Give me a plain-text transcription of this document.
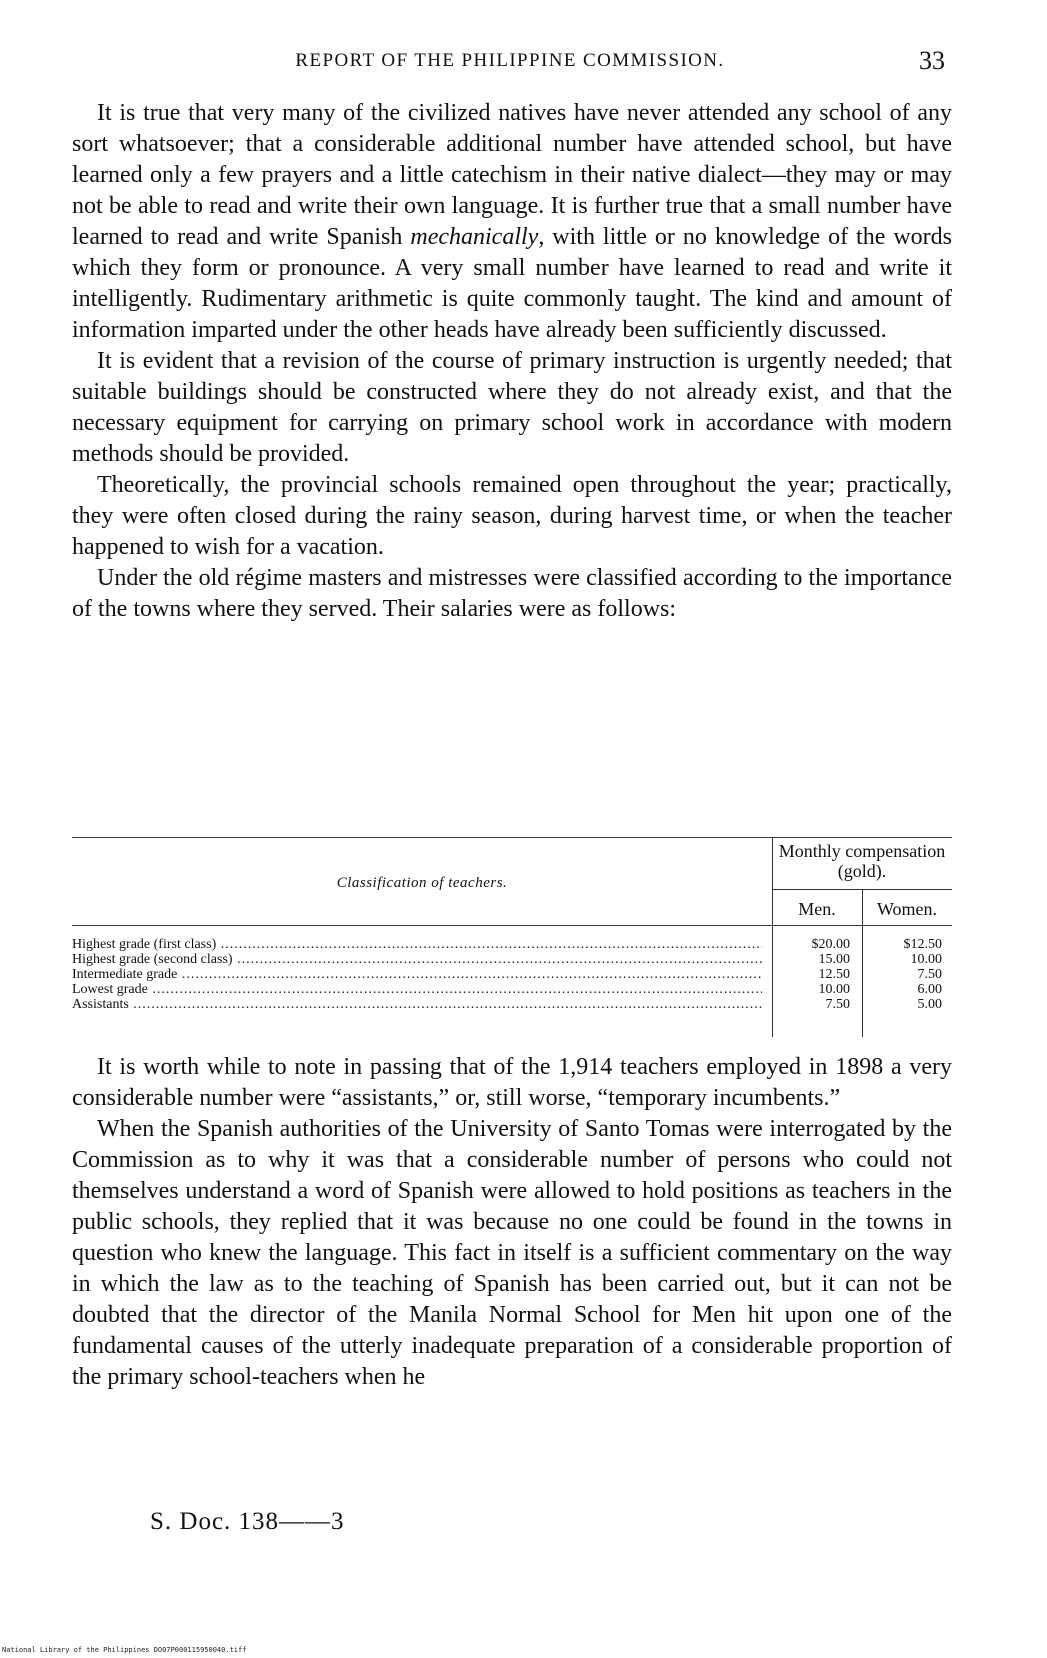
REPORT OF THE PHILIPPINE COMMISSION.	33

It is true that very many of the civilized natives have never attended any school of any sort whatsoever; that a considerable additional number have attended school, but have learned only a few prayers and a little catechism in their native dialect—they may or may not be able to read and write their own language. It is further true that a small number have learned to read and write Spanish mechanically, with little or no knowledge of the words which they form or pronounce. A very small number have learned to read and write it intelligently. Rudimentary arithmetic is quite commonly taught. The kind and amount of information imparted under the other heads have already been sufficiently discussed.

It is evident that a revision of the course of primary instruction is urgently needed; that suitable buildings should be constructed where they do not already exist, and that the necessary equipment for carrying on primary school work in accordance with modern methods should be provided.

Theoretically, the provincial schools remained open throughout the year; practically, they were often closed during the rainy season, during harvest time, or when the teacher happened to wish for a vacation.

Under the old régime masters and mistresses were classified according to the importance of the towns where they served. Their salaries were as follows:

Classification of teachers.
Monthly compensation (gold).
Men.	Women.
Highest grade (first class) .....	$20.00	$12.50
Highest grade (second class) .....	15.00	10.00
Intermediate grade .....	12.50	7.50
Lowest grade .....	10.00	6.00
Assistants .....	7.50	5.00

It is worth while to note in passing that of the 1,914 teachers employed in 1898 a very considerable number were “assistants,” or, still worse, “temporary incumbents.”

When the Spanish authorities of the University of Santo Tomas were interrogated by the Commission as to why it was that a considerable number of persons who could not themselves understand a word of Spanish were allowed to hold positions as teachers in the public schools, they replied that it was because no one could be found in the towns in question who knew the language. This fact in itself is a sufficient commentary on the way in which the law as to the teaching of Spanish has been carried out, but it can not be doubted that the director of the Manila Normal School for Men hit upon one of the fundamental causes of the utterly inadequate preparation of a considerable proportion of the primary school-teachers when he

S. Doc. 138——3
National Library of the Philippines DO07P000115950040.tiff
